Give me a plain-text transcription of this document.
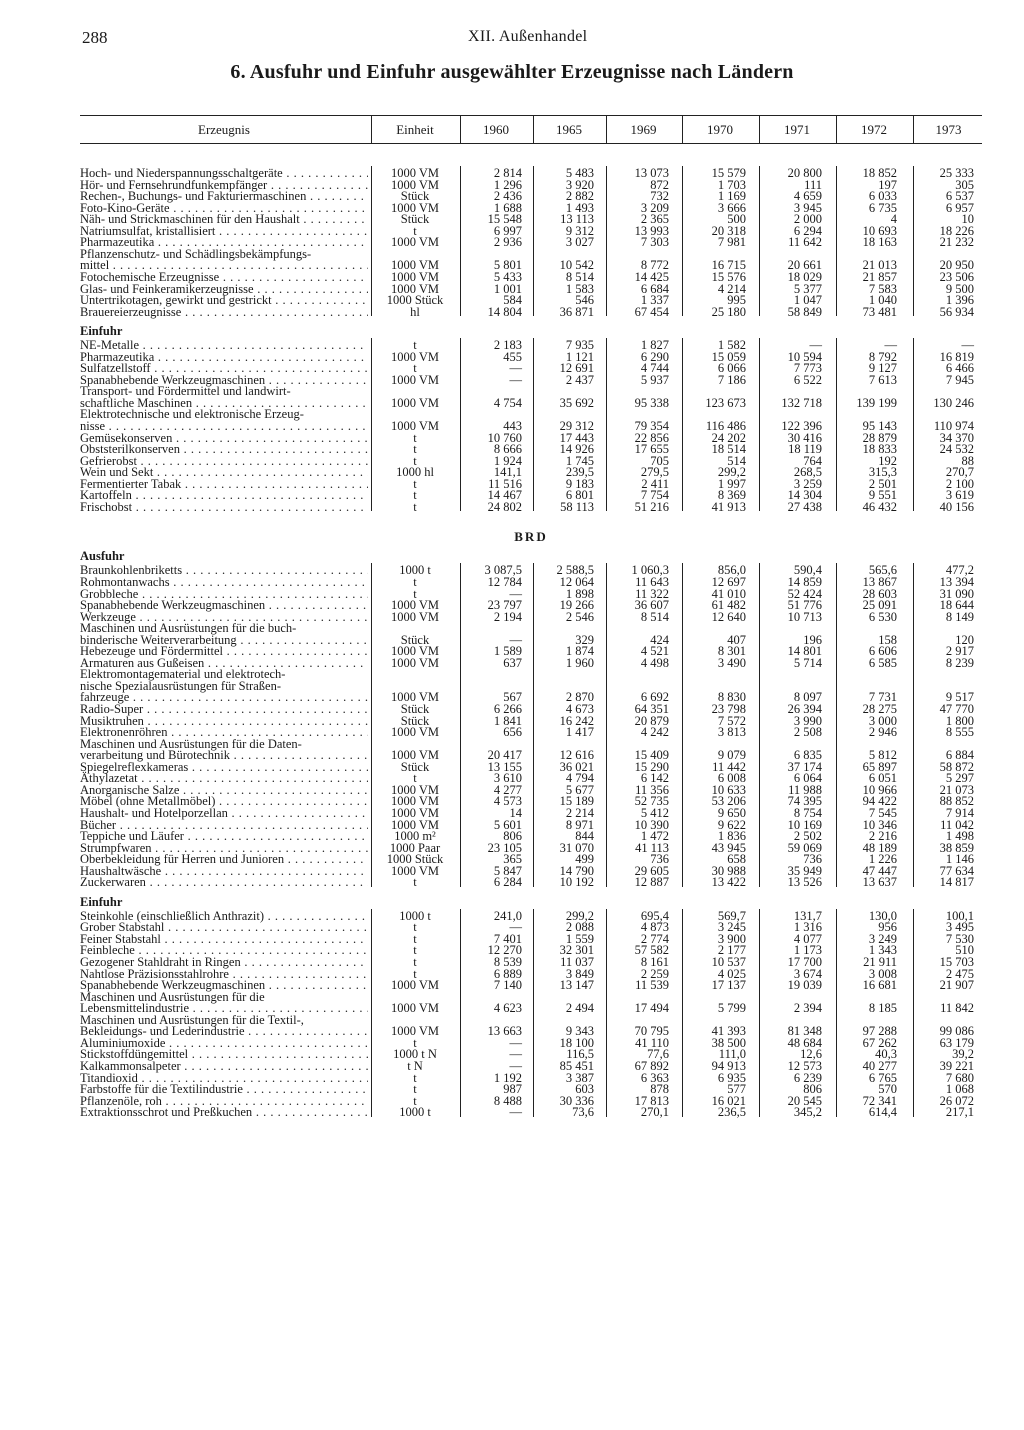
288	XII. Außenhandel
6. Ausfuhr und Einfuhr ausgewählter Erzeugnisse nach Ländern
Erzeugnis	Einheit	1960	1965	1969	1970	1971	1972	1973
Hoch- und Niederspannungsschaltgeräte . . .	1000 VM	2 814	5 483	13 073	15 579	20 800	18 852	25 333
Hör- und Fernsehrundfunkempfänger . . .	1000 VM	1 296	3 920	872	1 703	111	197	305
Rechen-, Buchungs- und Fakturiermaschinen . . .	Stück	2 436	2 882	732	1 169	4 659	6 033	6 537
Foto-Kino-Geräte . . .	1000 VM	1 688	1 493	3 209	3 666	3 945	6 735	6 957
Näh- und Strickmaschinen für den Haushalt . . .	Stück	15 548	13 113	2 365	500	2 000	4	10
Natriumsulfat, kristallisiert . . .	t	6 997	9 312	13 993	20 318	6 294	10 693	18 226
Pharmazeutika . . .	1000 VM	2 936	3 027	7 303	7 981	11 642	18 163	21 232
Pflanzenschutz- und Schädlingsbekämpfungs-
mittel . . .	1000 VM	5 801	10 542	8 772	16 715	20 661	21 013	20 950
Fotochemische Erzeugnisse . . .	1000 VM	5 433	8 514	14 425	15 576	18 029	21 857	23 506
Glas- und Feinkeramikerzeugnisse . . .	1000 VM	1 001	1 583	6 684	4 214	5 377	7 583	9 500
Untertrikotagen, gewirkt und gestrickt . . .	1000 Stück	584	546	1 337	995	1 047	1 040	1 396
Brauereierzeugnisse . . .	hl	14 804	36 871	67 454	25 180	58 849	73 481	56 934
Einfuhr
NE-Metalle . . .	t	2 183	7 935	1 827	1 582	—	—	—
Pharmazeutika . . .	1000 VM	455	1 121	6 290	15 059	10 594	8 792	16 819
Sulfatzellstoff . . .	t	—	12 691	4 744	6 066	7 773	9 127	6 466
Spanabhebende Werkzeugmaschinen . . .	1000 VM	—	2 437	5 937	7 186	6 522	7 613	7 945
Transport- und Fördermittel und landwirt-
schaftliche Maschinen . . .	1000 VM	4 754	35 692	95 338	123 673	132 718	139 199	130 246
Elektrotechnische und elektronische Erzeug-
nisse . . .	1000 VM	443	29 312	79 354	116 486	122 396	95 143	110 974
Gemüsekonserven . . .	t	10 760	17 443	22 856	24 202	30 416	28 879	34 370
Obststerilkonserven . . .	t	8 666	14 926	17 655	18 514	18 119	18 833	24 532
Gefrierobst . . .	t	1 924	1 745	705	514	764	192	88
Wein und Sekt . . .	1000 hl	141,1	239,5	279,5	299,2	268,5	315,3	270,7
Fermentierter Tabak . . .	t	11 516	9 183	2 411	1 997	3 259	2 501	2 100
Kartoffeln . . .	t	14 467	6 801	7 754	8 369	14 304	9 551	3 619
Frischobst . . .	t	24 802	58 113	51 216	41 913	27 438	46 432	40 156
BRD
Ausfuhr
Braunkohlenbriketts . . .	1000 t	3 087,5	2 588,5	1 060,3	856,0	590,4	565,6	477,2
Rohmontanwachs . . .	t	12 784	12 064	11 643	12 697	14 859	13 867	13 394
Grobbleche . . .	t	—	1 898	11 322	41 010	52 424	28 603	31 090
Spanabhebende Werkzeugmaschinen . . .	1000 VM	23 797	19 266	36 607	61 482	51 776	25 091	18 644
Werkzeuge . . .	1000 VM	2 194	2 546	8 514	12 640	10 713	6 530	8 149
Maschinen und Ausrüstungen für die buch-
binderische Weiterverarbeitung . . .	Stück	—	329	424	407	196	158	120
Hebezeuge und Fördermittel . . .	1000 VM	1 589	1 874	4 521	8 301	14 801	6 606	2 917
Armaturen aus Gußeisen . . .	1000 VM	637	1 960	4 498	3 490	5 714	6 585	8 239
Elektromontagematerial und elektrotech-
nische Spezialausrüstungen für Straßen-
fahrzeuge . . .	1000 VM	567	2 870	6 692	8 830	8 097	7 731	9 517
Radio-Super . . .	Stück	6 266	4 673	64 351	23 798	26 394	28 275	47 770
Musiktruhen . . .	Stück	1 841	16 242	20 879	7 572	3 990	3 000	1 800
Elektronenröhren . . .	1000 VM	656	1 417	4 242	3 813	2 508	2 946	8 555
Maschinen und Ausrüstungen für die Daten-
verarbeitung und Bürotechnik . . .	1000 VM	20 417	12 616	15 409	9 079	6 835	5 812	6 884
Spiegelreflexkameras . . .	Stück	13 155	36 021	15 290	11 442	37 174	65 897	58 872
Äthylazetat . . .	t	3 610	4 794	6 142	6 008	6 064	6 051	5 297
Anorganische Salze . . .	1000 VM	4 277	5 677	11 356	10 633	11 988	10 966	21 073
Möbel (ohne Metallmöbel) . . .	1000 VM	4 573	15 189	52 735	53 206	74 395	94 422	88 852
Haushalt- und Hotelporzellan . . .	1000 VM	14	2 214	5 412	9 650	8 754	7 545	7 914
Bücher . . .	1000 VM	5 601	8 971	10 390	9 622	10 169	10 346	11 042
Teppiche und Läufer . . .	1000 m²	806	844	1 472	1 836	2 502	2 216	1 498
Strumpfwaren . . .	1000 Paar	23 105	31 070	41 113	43 945	59 069	48 189	38 859
Oberbekleidung für Herren und Junioren . . .	1000 Stück	365	499	736	658	736	1 226	1 146
Haushaltwäsche . . .	1000 VM	5 847	14 790	29 605	30 988	35 949	47 447	77 634
Zuckerwaren . . .	t	6 284	10 192	12 887	13 422	13 526	13 637	14 817
Einfuhr
Steinkohle (einschließlich Anthrazit) . . .	1000 t	241,0	299,2	695,4	569,7	131,7	130,0	100,1
Grober Stabstahl . . .	t	—	2 088	4 873	3 245	1 316	956	3 495
Feiner Stabstahl . . .	t	7 401	1 559	2 774	3 900	4 077	3 249	7 530
Feinbleche . . .	t	12 270	32 301	57 582	2 177	1 173	1 343	510
Gezogener Stahldraht in Ringen . . .	t	8 539	11 037	8 161	10 537	17 700	21 911	15 703
Nahtlose Präzisionsstahlrohre . . .	t	6 889	3 849	2 259	4 025	3 674	3 008	2 475
Spanabhebende Werkzeugmaschinen . . .	1000 VM	7 140	13 147	11 539	17 137	19 039	16 681	21 907
Maschinen und Ausrüstungen für die
Lebensmittelindustrie . . .	1000 VM	4 623	2 494	17 494	5 799	2 394	8 185	11 842
Maschinen und Ausrüstungen für die Textil-,
Bekleidungs- und Lederindustrie . . .	1000 VM	13 663	9 343	70 795	41 393	81 348	97 288	99 086
Aluminiumoxide . . .	t	—	18 100	41 110	38 500	48 684	67 262	63 179
Stickstoffdüngemittel . . .	1000 t N	—	116,5	77,6	111,0	12,6	40,3	39,2
Kalkammonsalpeter . . .	t N	—	85 451	67 892	94 913	12 573	40 277	39 221
Titandioxid . . .	t	1 192	3 387	6 363	6 935	6 239	6 765	7 680
Farbstoffe für die Textilindustrie . . .	t	987	603	878	577	806	570	1 068
Pflanzenöle, roh . . .	t	8 488	30 336	17 813	16 021	20 545	72 341	26 072
Extraktionsschrot und Preßkuchen . . .	1000 t	—	73,6	270,1	236,5	345,2	614,4	217,1
